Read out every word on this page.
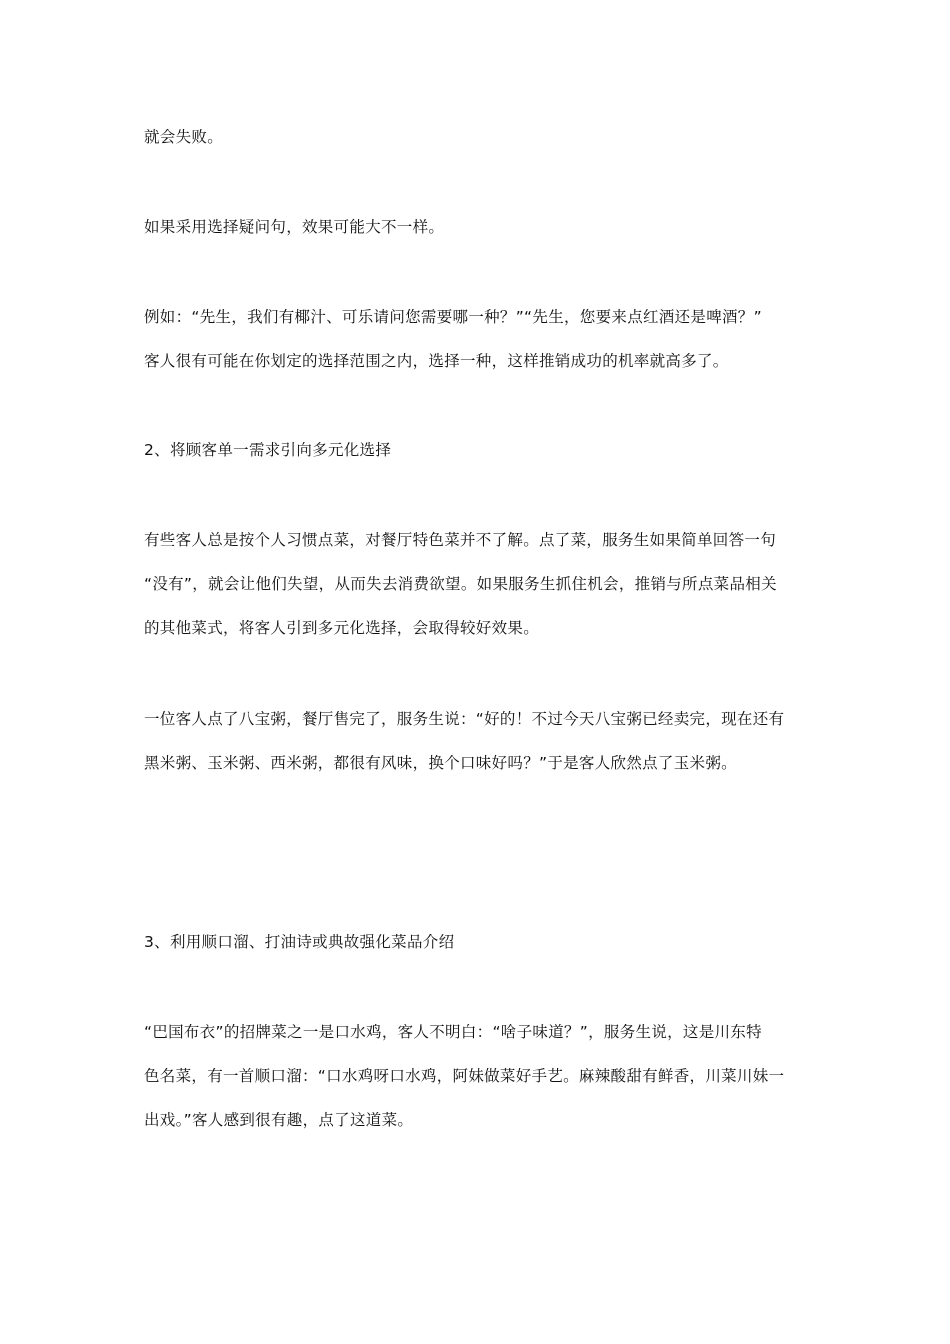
就会失败。

如果采用选择疑问句，效果可能大不一样。

例如：“先生，我们有椰汁、可乐请问您需要哪一种？”“先生，您要来点红酒还是啤酒？”
客人很有可能在你划定的选择范围之内，选择一种，这样推销成功的机率就高多了。

2、将顾客单一需求引向多元化选择

有些客人总是按个人习惯点菜，对餐厅特色菜并不了解。点了菜，服务生如果简单回答一句
“没有”，就会让他们失望，从而失去消费欲望。如果服务生抓住机会，推销与所点菜品相关
的其他菜式，将客人引到多元化选择，会取得较好效果。

一位客人点了八宝粥，餐厅售完了，服务生说：“好的！不过今天八宝粥已经卖完，现在还有
黑米粥、玉米粥、西米粥，都很有风味，换个口味好吗？”于是客人欣然点了玉米粥。

3、利用顺口溜、打油诗或典故强化菜品介绍

“巴国布衣”的招牌菜之一是口水鸡，客人不明白：“啥子味道？”，服务生说，这是川东特
色名菜，有一首顺口溜：“口水鸡呀口水鸡，阿妹做菜好手艺。麻辣酸甜有鲜香，川菜川妹一
出戏。”客人感到很有趣，点了这道菜。
